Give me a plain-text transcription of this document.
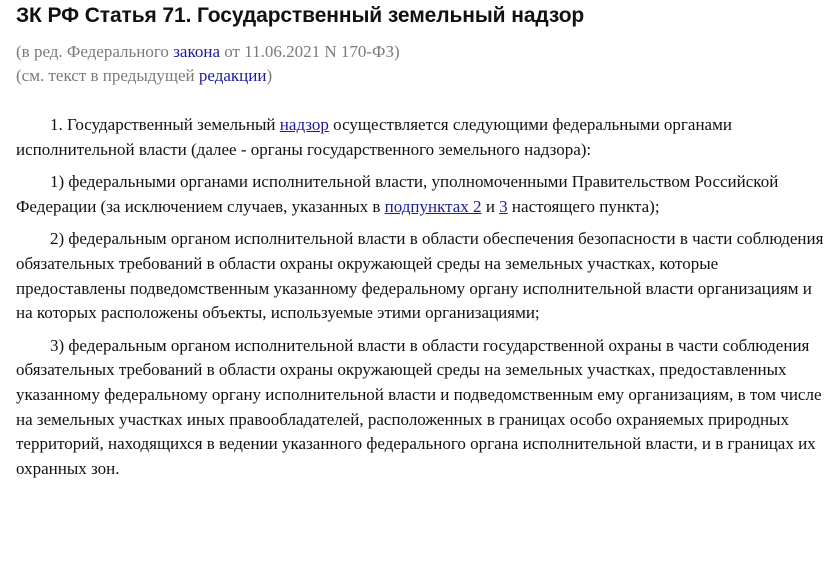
ЗК РФ Статья 71. Государственный земельный надзор
(в ред. Федерального закона от 11.06.2021 N 170-ФЗ)
(см. текст в предыдущей редакции)

1. Государственный земельный надзор осуществляется следующими федеральными органами исполнительной власти (далее - органы государственного земельного надзора):

1) федеральными органами исполнительной власти, уполномоченными Правительством Российской Федерации (за исключением случаев, указанных в подпунктах 2 и 3 настоящего пункта);

2) федеральным органом исполнительной власти в области обеспечения безопасности в части соблюдения обязательных требований в области охраны окружающей среды на земельных участках, которые предоставлены подведомственным указанному федеральному органу исполнительной власти организациям и на которых расположены объекты, используемые этими организациями;

3) федеральным органом исполнительной власти в области государственной охраны в части соблюдения обязательных требований в области охраны окружающей среды на земельных участках, предоставленных указанному федеральному органу исполнительной власти и подведомственным ему организациям, в том числе на земельных участках иных правообладателей, расположенных в границах особо охраняемых природных территорий, находящихся в ведении указанного федерального органа исполнительной власти, и в границах их охранных зон.
